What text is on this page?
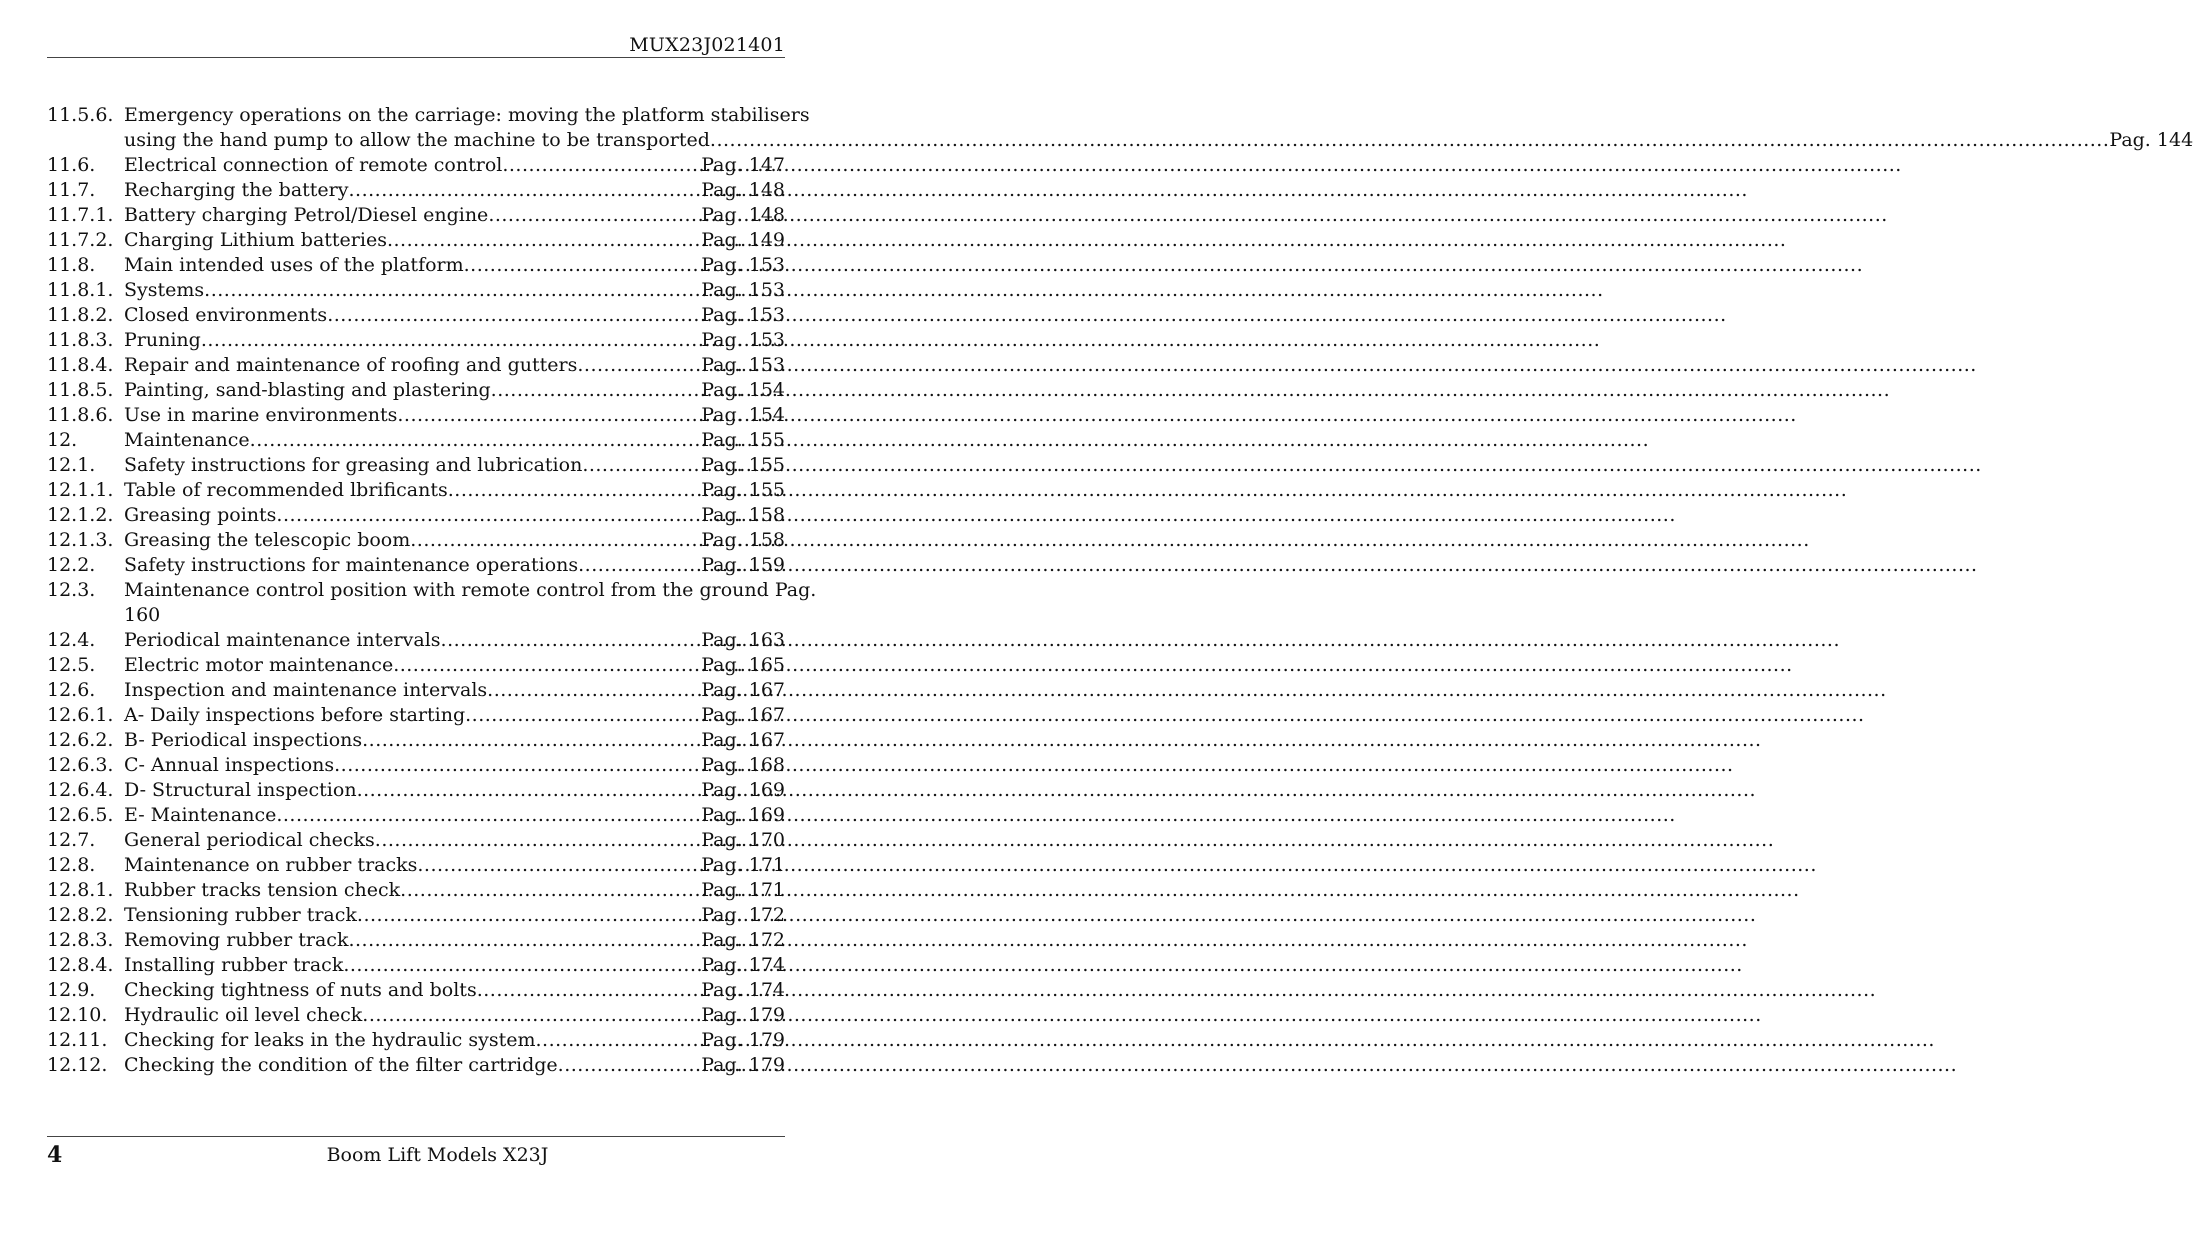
MUX23J021401
11.5.6. Emergency operations on the carriage: moving the platform stabilisers
using the hand pump to allow the machine to be transported .....	Pag. 144
11.6.	Electrical connection of remote control .....	Pag. 147
11.7.	Recharging the battery .....	Pag. 148
11.7.1. Battery charging Petrol/Diesel engine .....	Pag. 148
11.7.2. Charging Lithium batteries .....	Pag. 149
11.8.	Main intended uses of the platform .....	Pag. 153
11.8.1. Systems .....	Pag. 153
11.8.2. Closed environments .....	Pag. 153
11.8.3. Pruning .....	Pag. 153
11.8.4. Repair and maintenance of roofing and gutters .....	Pag. 153
11.8.5. Painting, sand-blasting and plastering .....	Pag. 154
11.8.6. Use in marine environments .....	Pag. 154
12.	Maintenance .....	Pag. 155
12.1.	Safety instructions for greasing and lubrication .....	Pag. 155
12.1.1. Table of recommended lbrificants .....	Pag. 155
12.1.2. Greasing points .....	Pag. 158
12.1.3. Greasing the telescopic boom .....	Pag. 158
12.2.	Safety instructions for maintenance operations .....	Pag. 159
12.3.	Maintenance control position with remote control from the ground Pag.
160
12.4.	Periodical maintenance intervals .....	Pag. 163
12.5.	Electric motor maintenance .....	Pag. 165
12.6.	Inspection and maintenance intervals .....	Pag. 167
12.6.1. A- Daily inspections before starting .....	Pag. 167
12.6.2. B- Periodical inspections .....	Pag. 167
12.6.3. C- Annual inspections .....	Pag. 168
12.6.4. D- Structural inspection .....	Pag. 169
12.6.5. E- Maintenance .....	Pag. 169
12.7.	General periodical checks .....	Pag. 170
12.8.	Maintenance on rubber tracks .....	Pag. 171
12.8.1. Rubber tracks tension check .....	Pag. 171
12.8.2. Tensioning rubber track .....	Pag. 172
12.8.3. Removing rubber track .....	Pag. 172
12.8.4. Installing rubber track .....	Pag. 174
12.9.	Checking tightness of nuts and bolts .....	Pag. 174
12.10. Hydraulic oil level check .....	Pag. 179
12.11. Checking for leaks in the hydraulic system .....	Pag. 179
12.12. Checking the condition of the filter cartridge .....	Pag. 179
4	Boom Lift Models X23J
